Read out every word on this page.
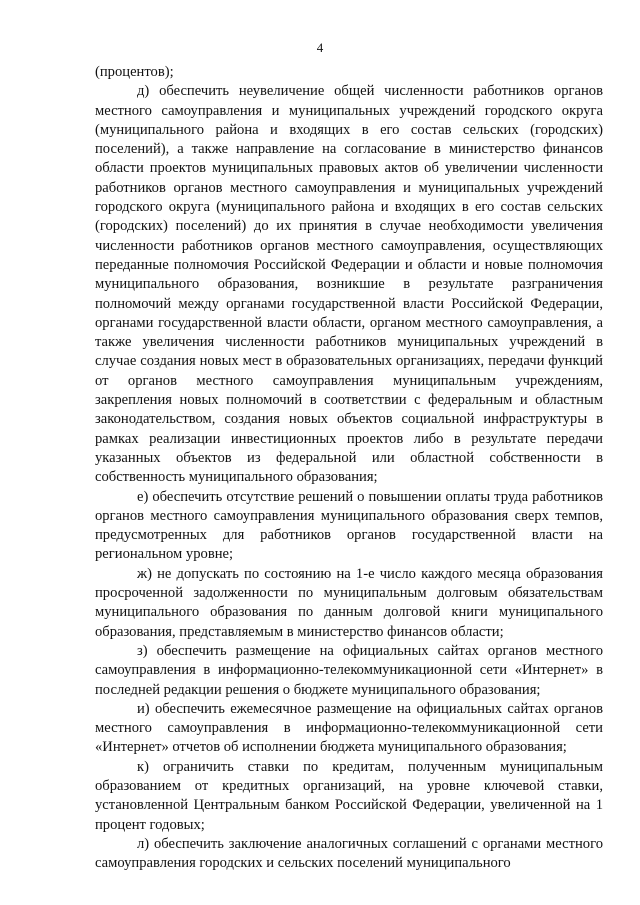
4

(процентов);

д) обеспечить неувеличение общей численности работников органов местного самоуправления и муниципальных учреждений городского округа (муниципального района и входящих в его состав сельских (городских) поселений), а также направление на согласование в министерство финансов области проектов муниципальных правовых актов об увеличении численности работников органов местного самоуправления и муниципальных учреждений городского округа (муниципального района и входящих в его состав сельских (городских) поселений) до их принятия в случае необходимости увеличения численности работников органов местного самоуправления, осуществляющих переданные полномочия Российской Федерации и области и новые полномочия муниципального образования, возникшие в результате разграничения полномочий между органами государственной власти Российской Федерации, органами государственной власти области, органом местного самоуправления, а также увеличения численности работников муниципальных учреждений в случае создания новых мест в образовательных организациях, передачи функций от органов местного самоуправления муниципальным учреждениям, закрепления новых полномочий в соответствии с федеральным и областным законодательством, создания новых объектов социальной инфраструктуры в рамках реализации инвестиционных проектов либо в результате передачи указанных объектов из федеральной или областной собственности в собственность муниципального образования;

е) обеспечить отсутствие решений о повышении оплаты труда работников органов местного самоуправления муниципального образования сверх темпов, предусмотренных для работников органов государственной власти на региональном уровне;

ж) не допускать по состоянию на 1-е число каждого месяца образования просроченной задолженности по муниципальным долговым обязательствам муниципального образования по данным долговой книги муниципального образования, представляемым в министерство финансов области;

з) обеспечить размещение на официальных сайтах органов местного самоуправления в информационно-телекоммуникационной сети «Интернет» в последней редакции решения о бюджете муниципального образования;

и) обеспечить ежемесячное размещение на официальных сайтах органов местного самоуправления в информационно-телекоммуникационной сети «Интернет» отчетов об исполнении бюджета муниципального образования;

к) ограничить ставки по кредитам, полученным муниципальным образованием от кредитных организаций, на уровне ключевой ставки, установленной Центральным банком Российской Федерации, увеличенной на 1 процент годовых;

л) обеспечить заключение аналогичных соглашений с органами местного самоуправления городских и сельских поселений муниципального
